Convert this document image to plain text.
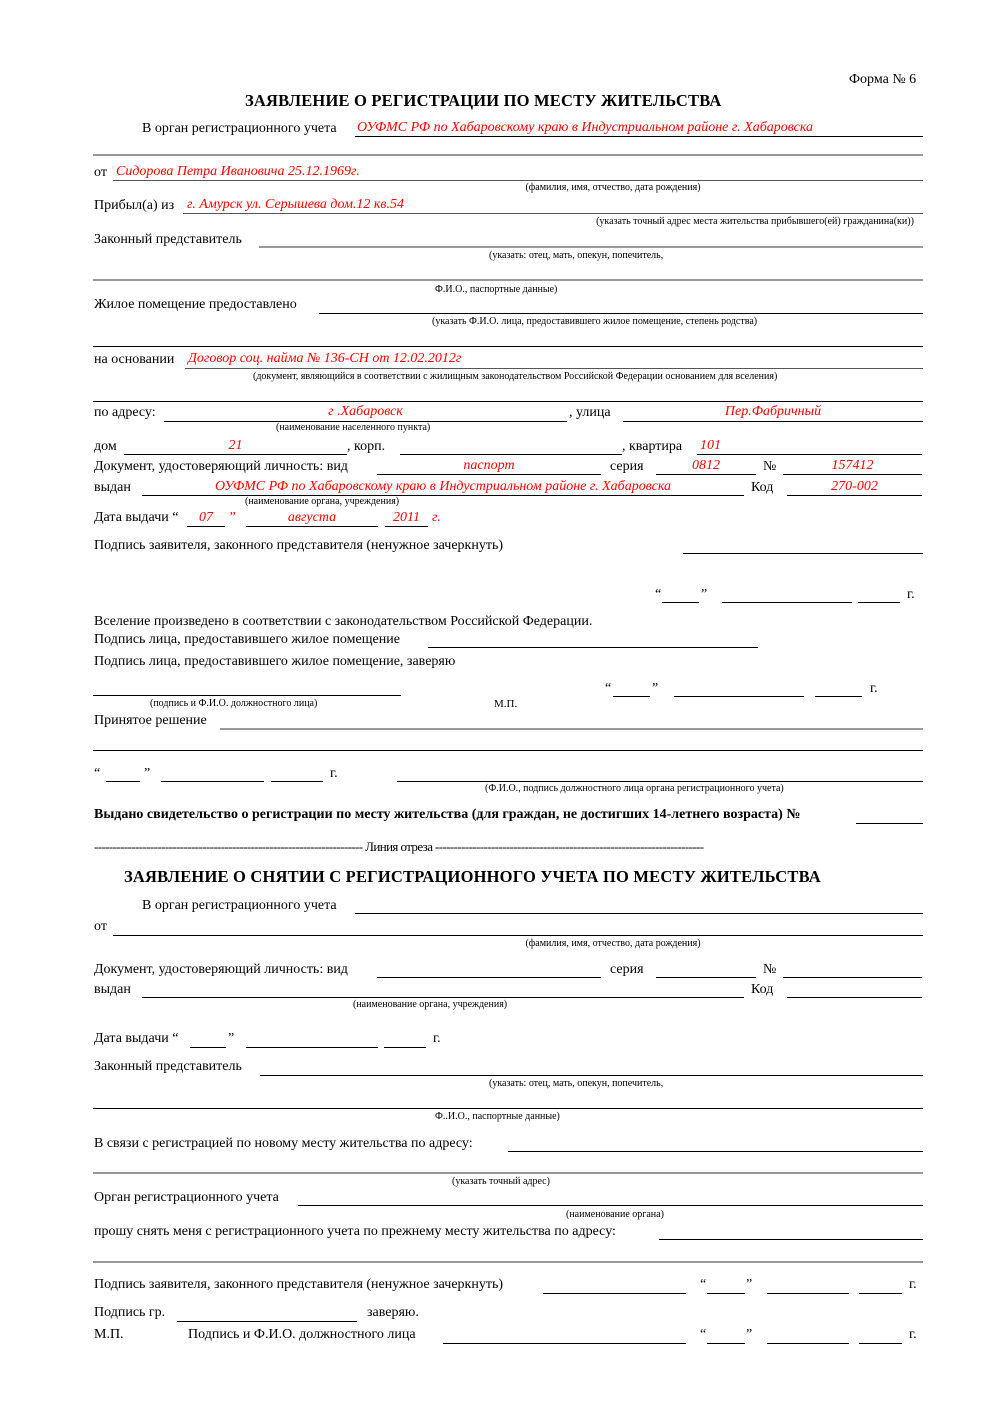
Форма № 6
ЗАЯВЛЕНИЕ О РЕГИСТРАЦИИ ПО МЕСТУ ЖИТЕЛЬСТВА
В орган регистрационного учета ОУФМС РФ по Хабаровскому краю в Индустриальном районе г. Хабаровска
от Сидорова Петра Ивановича 25.12.1969г.
(фамилия, имя, отчество, дата рождения)
Прибыл(а) из г. Амурск ул. Серышева дом.12 кв.54
(указать точный адрес места жительства прибывшего(ей) гражданина(ки))
Законный представитель
(указать: отец, мать, опекун, попечитель,
Ф.И.О., паспортные данные)
Жилое помещение предоставлено
(указать Ф.И.О. лица, предоставившего жилое помещение, степень родства)
на основании Договор соц. найма № 136-СН от 12.02.2012г
(документ, являющийся в соответствии с жилищным законодательством Российской Федерации основанием для вселения)
по адресу:	г .Хабаровск
(наименование населенного пункта)
, улица	Пер.Фабричный
дом	21	, корп.	, квартира 101
Документ, удостоверяющий личность: вид	паспорт	серия	0812	№	157412
выдан	ОУФМС РФ по Хабаровскому краю в Индустриальном районе г. Хабаровска
(наименование органа, учреждения)
Код	270-002
Дата выдачи “	07	”	августа	2011 г.
Подпись заявителя, законного представителя (ненужное зачеркнуть)
“	”	г.
Вселение произведено в соответствии с законодательством Российской Федерации.
Подпись лица, предоставившего жилое помещение
Подпись лица, предоставившего жилое помещение, заверяю
(подпись и Ф.И.О. должностного лица)	М.П.
“	”	г.
Принятое решение
“	”	г.
(Ф.И.О., подпись должностного лица органа регистрационного учета)
Выдано свидетельство о регистрации по месту жительства (для граждан, не достигших 14-летнего возраста) №
------------------------------------------------------------------------ Линия отреза ------------------------------------------------------------------------
ЗАЯВЛЕНИЕ О СНЯТИИ С РЕГИСТРАЦИОННОГО УЧЕТА ПО МЕСТУ ЖИТЕЛЬСТВА
В орган регистрационного учета
от
(фамилия, имя, отчество, дата рождения)
Документ, удостоверяющий личность: вид	серия	№
выдан
(наименование органа, учреждения)
Код
Дата выдачи “	”	г.
Законный представитель
(указать: отец, мать, опекун, попечитель,
Ф..И.О., паспортные данные)
В связи с регистрацией по новому месту жительства по адресу:
(указать точный адрес)
Орган регистрационного учета
(наименование органа)
прошу снять меня с регистрационного учета по прежнему месту жительства по адресу:
Подпись заявителя, законного представителя (ненужное зачеркнуть)	“	”	г.
Подпись гр.	заверяю.
М.П.	Подпись и Ф.И.О. должностного лица	“	”	г.
